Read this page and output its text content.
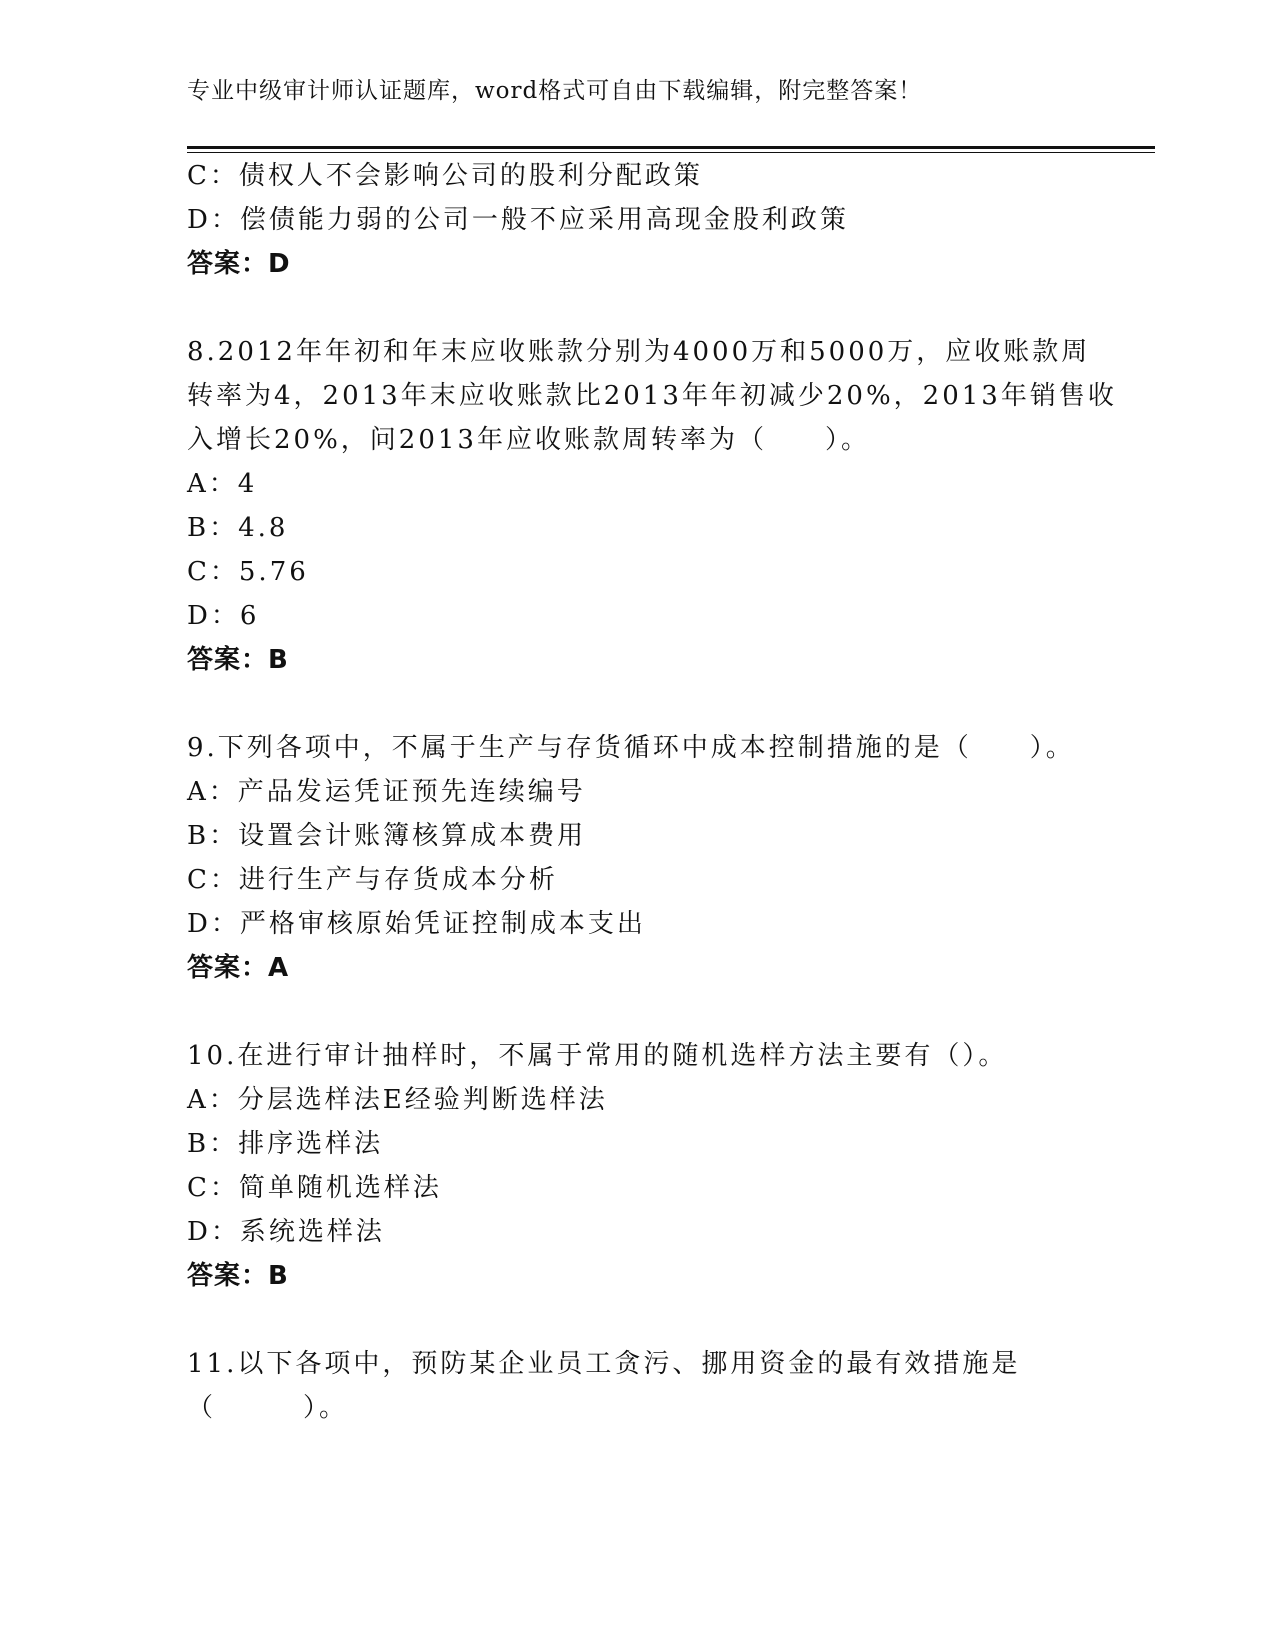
专业中级审计师认证题库，word格式可自由下载编辑，附完整答案！
C：债权人不会影响公司的股利分配政策
D：偿债能力弱的公司一般不应采用高现金股利政策
答案：D
8.2012年年初和年末应收账款分别为4000万和5000万，应收账款周
转率为4，2013年末应收账款比2013年年初减少20%，2013年销售收
入增长20%，问2013年应收账款周转率为（　　）。
A：4
B：4.8
C：5.76
D：6
答案：B
9.下列各项中，不属于生产与存货循环中成本控制措施的是（　　）。
A：产品发运凭证预先连续编号
B：设置会计账簿核算成本费用
C：进行生产与存货成本分析
D：严格审核原始凭证控制成本支出
答案：A
10.在进行审计抽样时，不属于常用的随机选样方法主要有（）。
A：分层选样法E经验判断选样法
B：排序选样法
C：简单随机选样法
D：系统选样法
答案：B
11.以下各项中，预防某企业员工贪污、挪用资金的最有效措施是
（　　　）。
